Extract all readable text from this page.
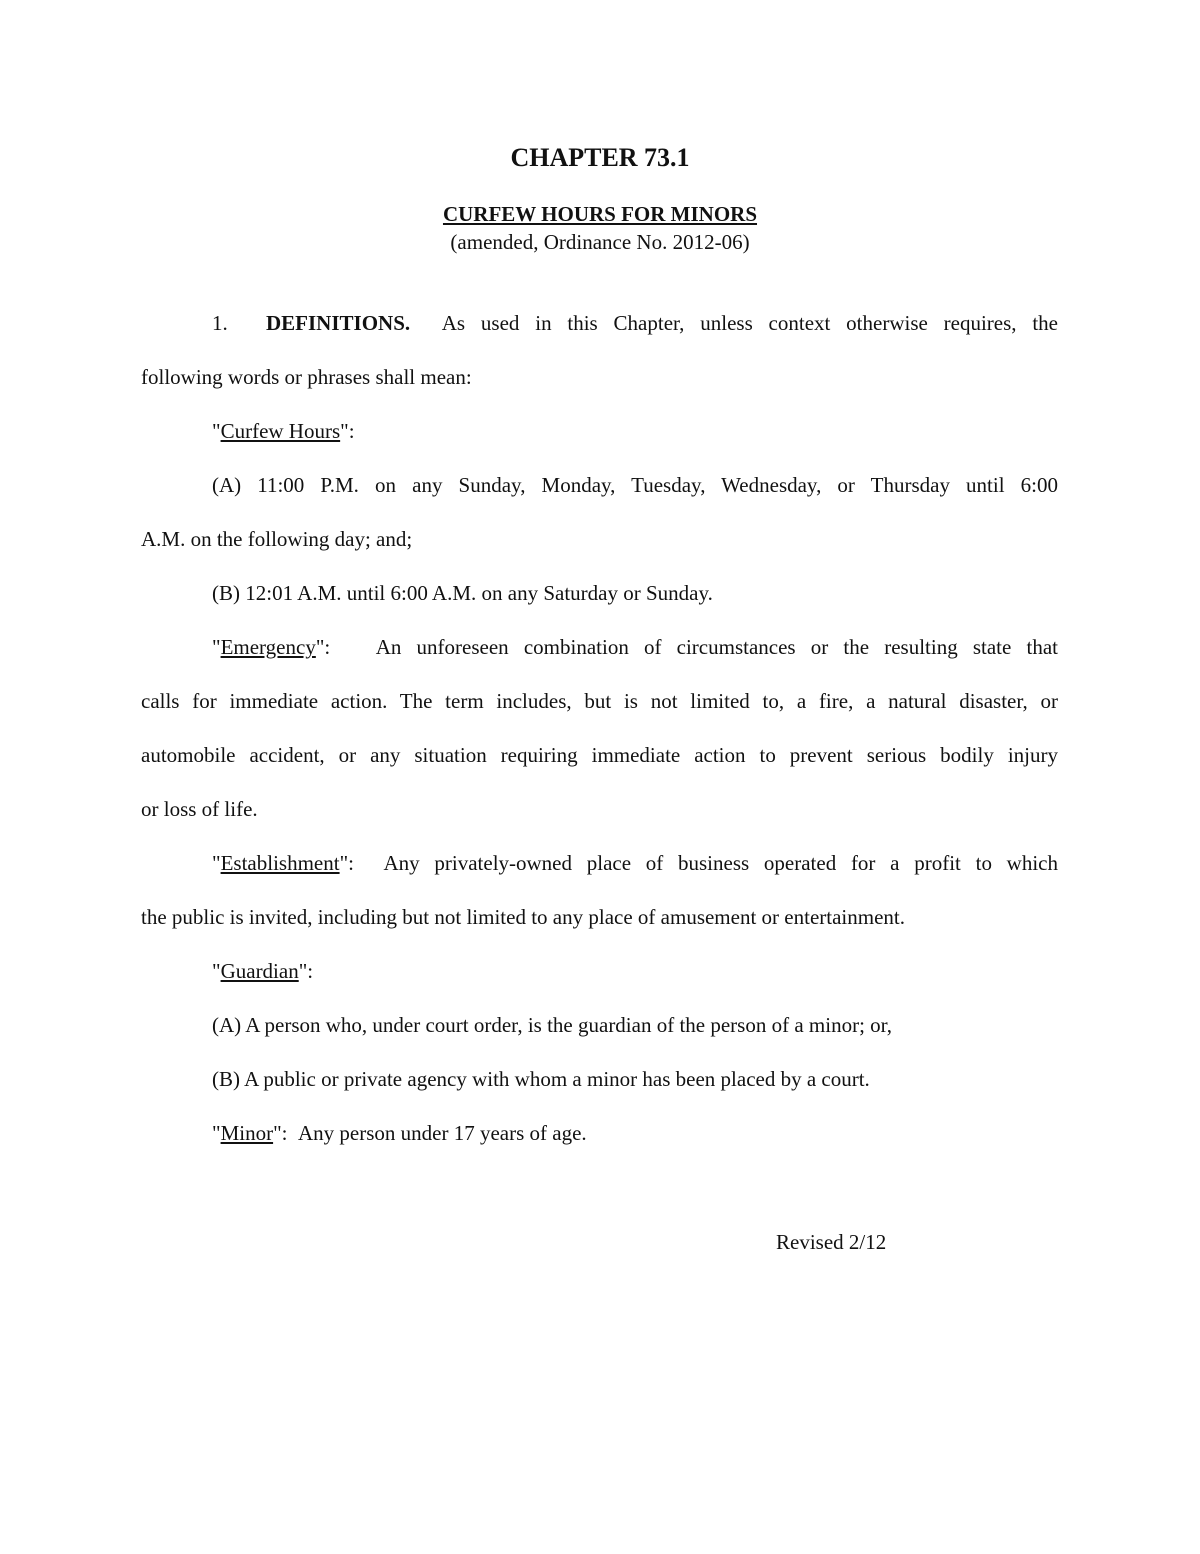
CHAPTER 73.1
CURFEW HOURS FOR MINORS
(amended, Ordinance No. 2012-06)
1. DEFINITIONS. As used in this Chapter, unless context otherwise requires, the
following words or phrases shall mean:
"Curfew Hours":
(A) 11:00 P.M. on any Sunday, Monday, Tuesday, Wednesday, or Thursday until 6:00
A.M. on the following day; and;
(B) 12:01 A.M. until 6:00 A.M. on any Saturday or Sunday.
"Emergency": An unforeseen combination of circumstances or the resulting state that
calls for immediate action. The term includes, but is not limited to, a fire, a natural disaster, or
automobile accident, or any situation requiring immediate action to prevent serious bodily injury
or loss of life.
"Establishment": Any privately-owned place of business operated for a profit to which
the public is invited, including but not limited to any place of amusement or entertainment.
"Guardian":
(A) A person who, under court order, is the guardian of the person of a minor; or,
(B) A public or private agency with whom a minor has been placed by a court.
"Minor": Any person under 17 years of age.
Revised 2/12
